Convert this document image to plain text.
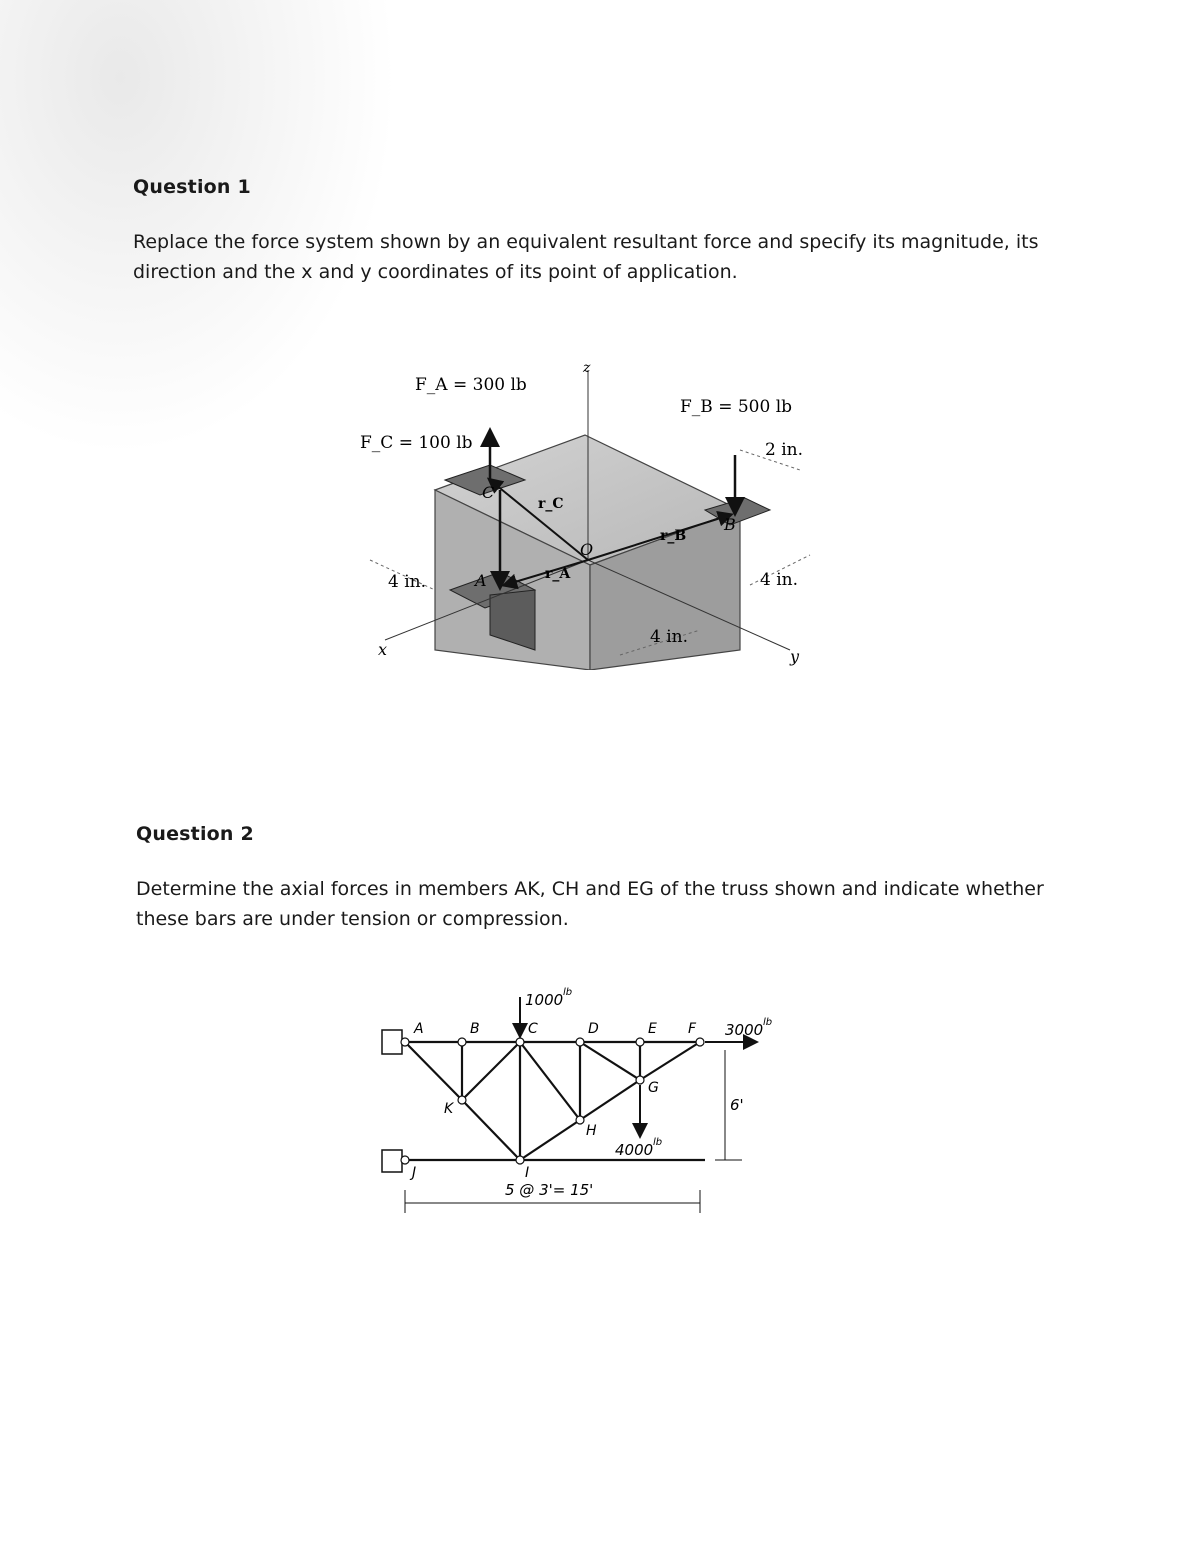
Question 1
Replace the force system shown by an equivalent resultant force and specify its magnitude, its direction and the x and y coordinates of its point of application.
F_A = 300 lb
F_C = 100 lb
F_B = 500 lb
2 in.
4 in.	4 in.
4 in.
r_C
r_A
r_B
O
A
B
C
x	y
z
Question 2
Determine the axial forces in members AK, CH and EG of the truss shown and indicate whether these bars are under tension or compression.
A	B	C	D	E F
G
H
I
J
K
1000 lb
3000 lb
4000 lb
5 @ 3'= 15'
6'
